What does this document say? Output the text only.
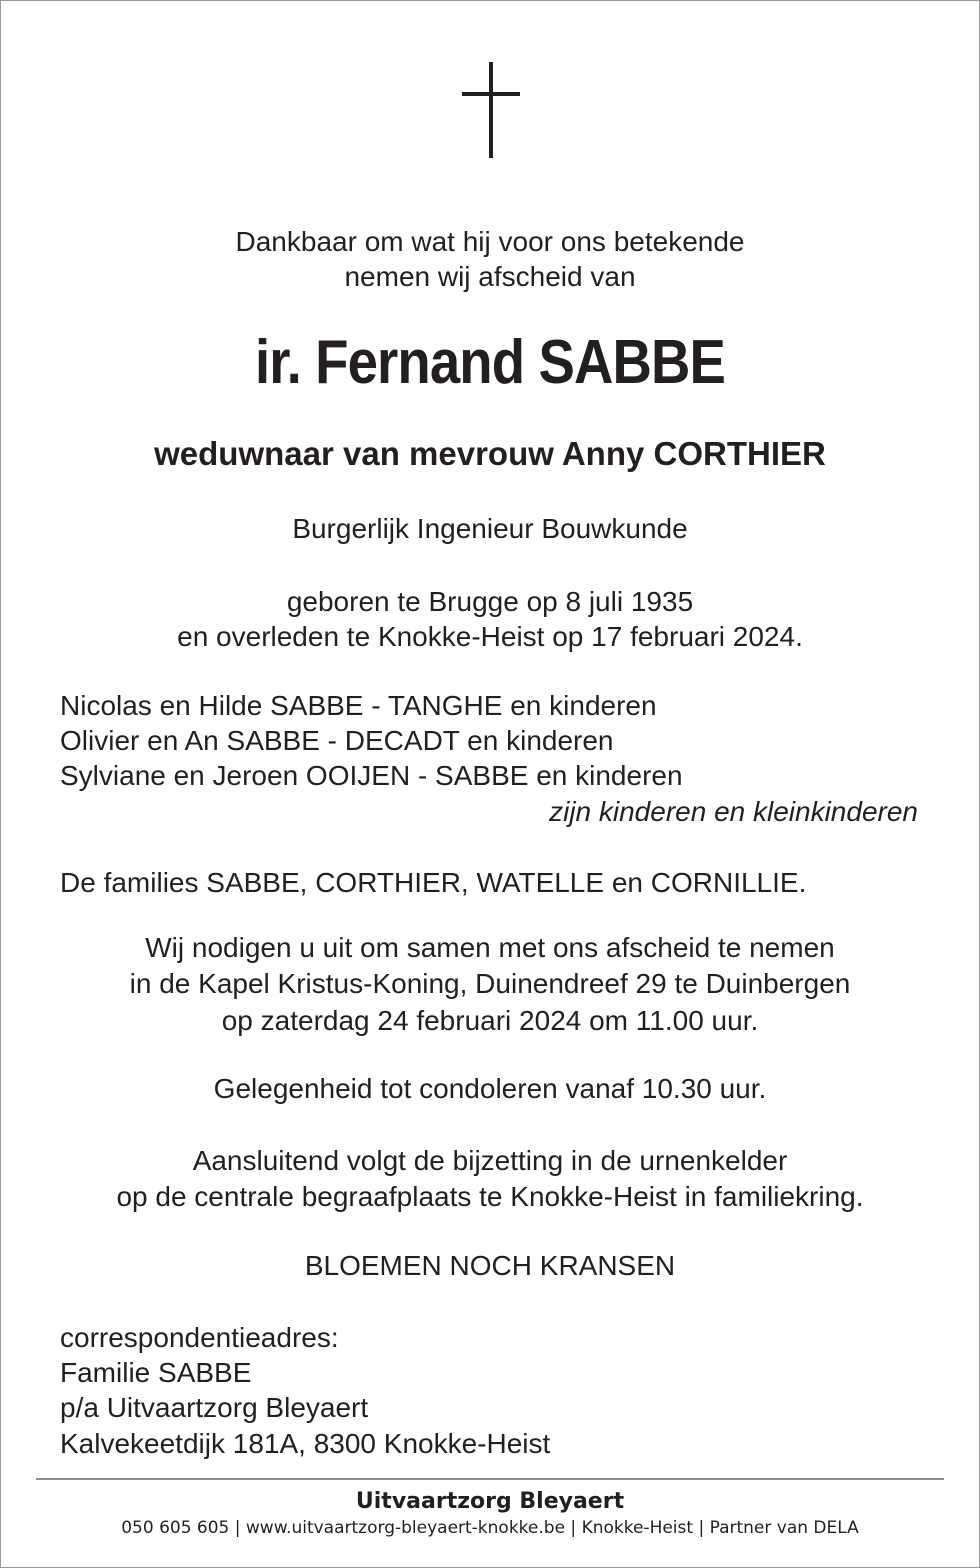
Dankbaar om wat hij voor ons betekende
nemen wij afscheid van
ir. Fernand SABBE
weduwnaar van mevrouw Anny CORTHIER
Burgerlijk Ingenieur Bouwkunde
geboren te Brugge op 8 juli 1935
en overleden te Knokke-Heist op 17 februari 2024.
Nicolas en Hilde SABBE - TANGHE en kinderen
Olivier en An SABBE - DECADT en kinderen
Sylviane en Jeroen OOIJEN - SABBE en kinderen
zijn kinderen en kleinkinderen
De families SABBE, CORTHIER, WATELLE en CORNILLIE.
Wij nodigen u uit om samen met ons afscheid te nemen
in de Kapel Kristus-Koning, Duinendreef 29 te Duinbergen
op zaterdag 24 februari 2024 om 11.00 uur.
Gelegenheid tot condoleren vanaf 10.30 uur.
Aansluitend volgt de bijzetting in de urnenkelder
op de centrale begraafplaats te Knokke-Heist in familiekring.
BLOEMEN NOCH KRANSEN
correspondentieadres:
Familie SABBE
p/a Uitvaartzorg Bleyaert
Kalvekeetdijk 181A, 8300 Knokke-Heist
Uitvaartzorg Bleyaert
050 605 605 | www.uitvaartzorg-bleyaert-knokke.be | Knokke-Heist | Partner van DELA
